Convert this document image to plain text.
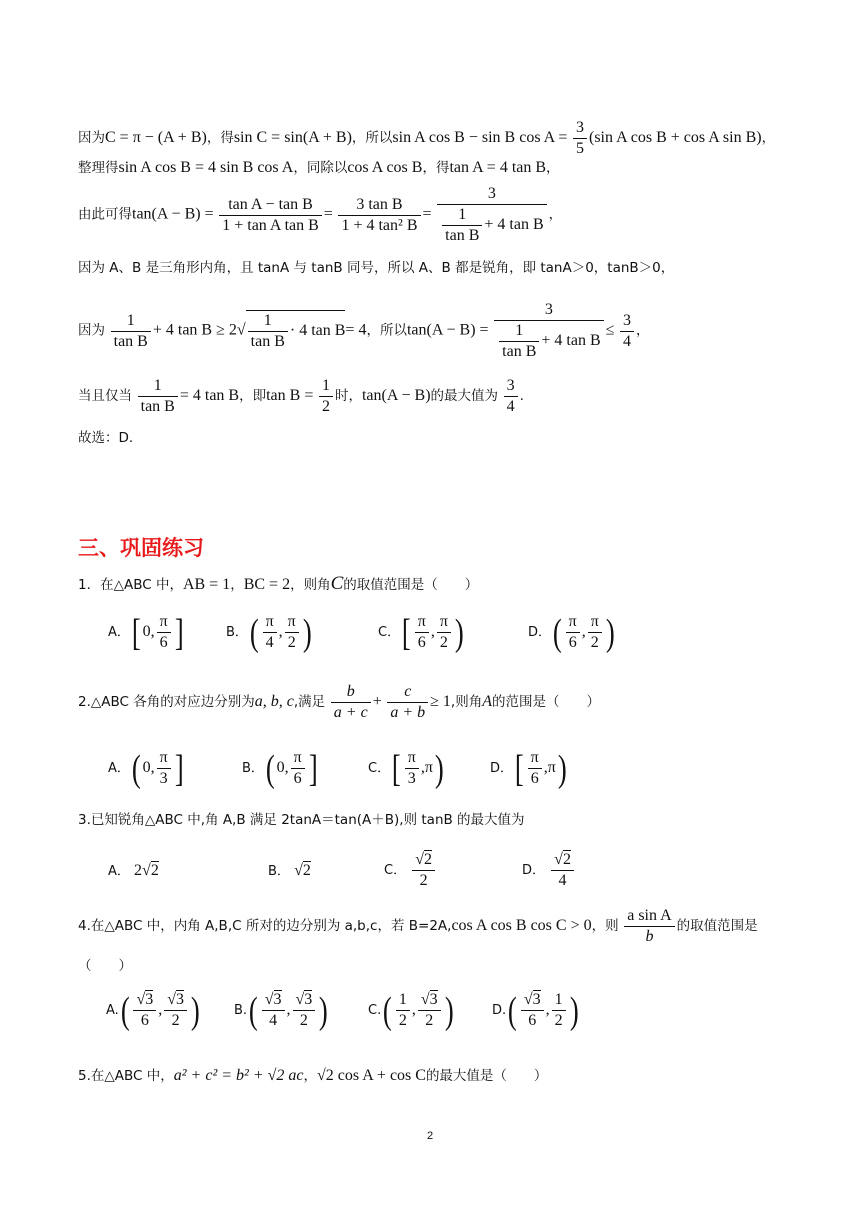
因为C = π − (A + B)，得sin C = sin(A + B)，所以sin A cos B − sin B $\cos A = \frac{3}{5} (\sin$ A cos B + cos A sin B)，
整理得sin A cos B = 4 sin B cos A，同除以cos A cos B，得tan A = 4 tan B，
由此可得$\tan(A - B) = \frac{\text{tan A − tan B}}{\text{1 + tan A tan B}} = \frac{\text{3 tan B}}{\text{1 + 4 tan² B}} = \frac{3}{\frac{1}{\text{tan B}} + 4 \tan B}$ ，
因为 A、B 是三角形内角，且 tanA 与 tanB 同号，所以 A、B 都是锐角，即 tanA＞0，tanB＞0，
因为 $\frac{1}{\text{tan B}} + 4$ $\tan B \ge 2√ \frac{1}{\text{tan B}} \cdot 4$ tan B= 4，所以$\tan(A - B) = \frac{3}{\frac{1}{\text{tan B}} + 4 \tan B} \le \frac{3}{4}$ ，
当且仅当 $\frac{1}{\text{tan B}} = 4$ tan B，即$\tan B = \frac{1}{2}$ 时，tan(A − B)的最大值为 $\frac{3}{4}$ .
故选：D.
三、巩固练习
1．在△ABC 中，AB = 1，BC = 2，则角C的取值范围是（　　）
A．[ 0, $\frac{\pi}{6}$ ]	B．( $\frac{\pi}{4}$ , $\frac{\pi}{2}$ )	C．[ $\frac{\pi}{6}$ , $\frac{\pi}{2}$ )	D．( $\frac{\pi}{6}$ , $\frac{\pi}{2}$ )
2.△ABC 各角的对应边分别为a, b, c,满足 $\frac{b}{a + c} + \frac{c}{a + b} \ge 1$,则角A的范围是（　　）
A．( 0, $\frac{\pi}{3}$ ]	B．( 0, $\frac{\pi}{6}$ ]	C．[ $\frac{\pi}{3} ,\pi$)	D．[ $\frac{\pi}{6} ,\pi$)
3.已知锐角△ABC 中,角 A,B 满足 2tanA＝tan(A＋B),则 tanB 的最大值为
A． 2√2	B． √2	C． $\frac{√2}{2}$	D． $\frac{√2}{4}$
4.在△ABC 中，内角 A,B,C 所对的边分别为 a,b,c，若 B=2A,cos A cos B cos C > 0，则 $\frac{\text{a sin A}}{b}$ 的取值范围是
（　　）
$A.( \frac{√3}{6}$ , $\frac{√3}{2}$ )	$B.( \frac{√3}{4}$ , $\frac{√3}{2}$ )	$C.( \frac{1}{2}$ , $\frac{√3}{2}$ )	$D.( \frac{√3}{6}$ , $\frac{1}{2}$ )
5.在△ABC 中，a² + c² = b² + √2 ac，√2 cos A + cos C的最大值是（　　）
2
